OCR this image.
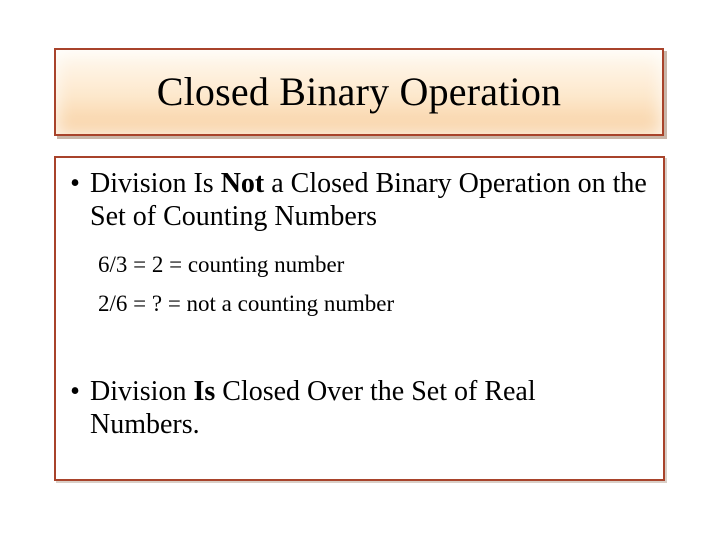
Closed Binary Operation
• Division Is Not a Closed Binary Operation on the Set of Counting Numbers
6/3 = 2 = counting number
2/6 = ? = not a counting number
• Division Is Closed Over the Set of Real Numbers.
